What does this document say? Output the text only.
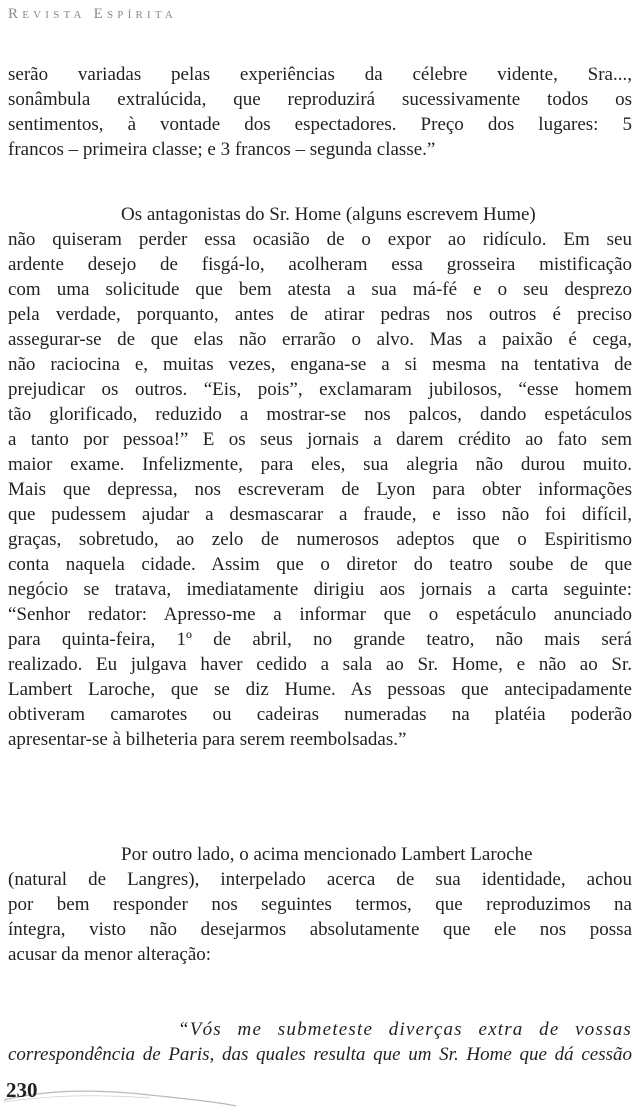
Revista Espírita
serão variadas pelas experiências da célebre vidente, Sra...,
sonâmbula extralúcida, que reproduzirá sucessivamente todos os
sentimentos, à vontade dos espectadores. Preço dos lugares: 5
francos – primeira classe; e 3 francos – segunda classe.”
Os antagonistas do Sr. Home (alguns escrevem Hume)
não quiseram perder essa ocasião de o expor ao ridículo. Em seu
ardente desejo de fisgá-lo, acolheram essa grosseira mistificação
com uma solicitude que bem atesta a sua má-fé e o seu desprezo
pela verdade, porquanto, antes de atirar pedras nos outros é preciso
assegurar-se de que elas não errarão o alvo. Mas a paixão é cega,
não raciocina e, muitas vezes, engana-se a si mesma na tentativa de
prejudicar os outros. “Eis, pois”, exclamaram jubilosos, “esse homem
tão glorificado, reduzido a mostrar-se nos palcos, dando espetáculos
a tanto por pessoa!” E os seus jornais a darem crédito ao fato sem
maior exame. Infelizmente, para eles, sua alegria não durou muito.
Mais que depressa, nos escreveram de Lyon para obter informações
que pudessem ajudar a desmascarar a fraude, e isso não foi difícil,
graças, sobretudo, ao zelo de numerosos adeptos que o Espiritismo
conta naquela cidade. Assim que o diretor do teatro soube de que
negócio se tratava, imediatamente dirigiu aos jornais a carta seguinte:
“Senhor redator: Apresso-me a informar que o espetáculo anunciado
para quinta-feira, 1º de abril, no grande teatro, não mais será
realizado. Eu julgava haver cedido a sala ao Sr. Home, e não ao Sr.
Lambert Laroche, que se diz Hume. As pessoas que antecipadamente
obtiveram camarotes ou cadeiras numeradas na platéia poderão
apresentar-se à bilheteria para serem reembolsadas.”
Por outro lado, o acima mencionado Lambert Laroche
(natural de Langres), interpelado acerca de sua identidade, achou
por bem responder nos seguintes termos, que reproduzimos na
íntegra, visto não desejarmos absolutamente que ele nos possa
acusar da menor alteração:
“Vós me submeteste diverças extra de vossas
correspondência de Paris, das quales resulta que um Sr. Home que dá cessão
230
